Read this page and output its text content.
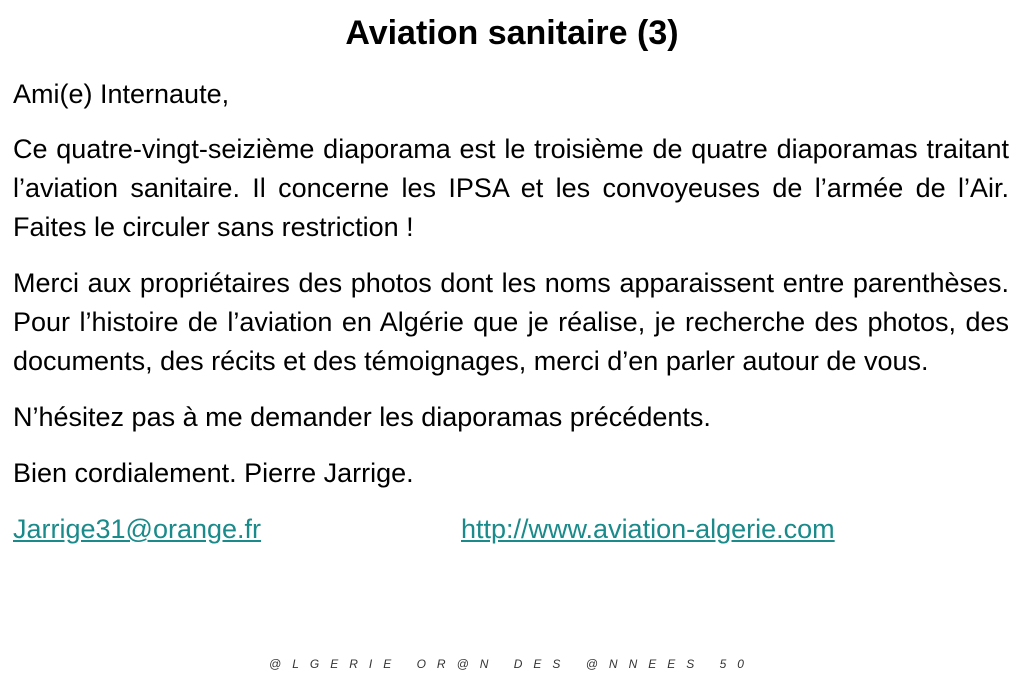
Aviation sanitaire (3)

Ami(e) Internaute,

Ce quatre-vingt-seizième diaporama est le troisième de quatre diaporamas traitant l’aviation sanitaire. Il concerne les IPSA et les convoyeuses de l’armée de l’Air. Faites le circuler sans restriction !

Merci aux propriétaires des photos dont les noms apparaissent entre parenthèses. Pour l’histoire de l’aviation en Algérie que je réalise, je recherche des photos, des documents, des récits et des témoignages, merci d’en parler autour de vous.

N’hésitez pas à me demander les diaporamas précédents.

Bien cordialement. Pierre Jarrige.

Jarrige31@orange.fr	http://www.aviation-algerie.com
@LGERIE OR@N DES @NNEES 50
